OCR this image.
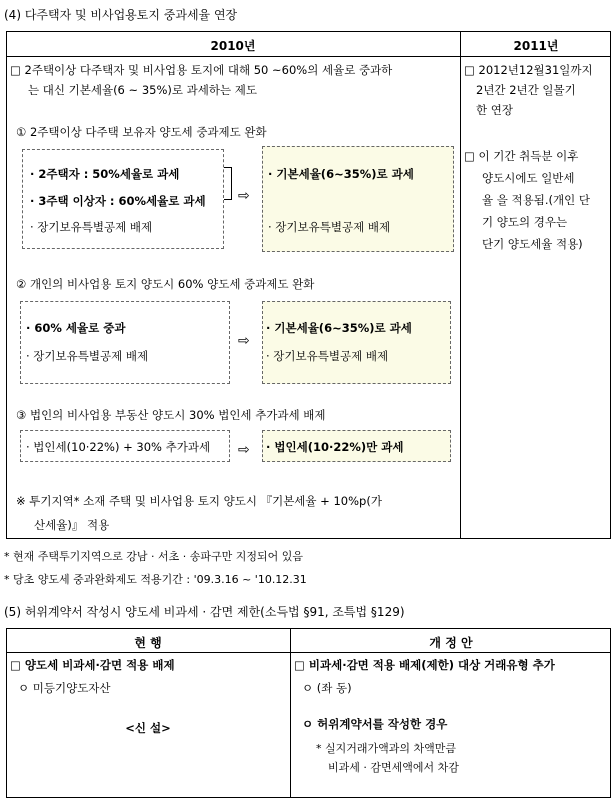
(4) 다주택자 및 비사업용토지 중과세율 연장
2010년	2011년
□ 2주택이상 다주택자 및 비사업용 토지에 대해 50 ~60%의 세율로 중과하
는 대신 기본세율(6 ~ 35%)로 과세하는 제도
① 2주택이상 다주택 보유자 양도세 중과제도 완화
· 2주택자 : 50%세율로 과세
· 3주택 이상자 : 60%세율로 과세
· 장기보유특별공제 배제
⇨
· 기본세율(6~35%)로 과세
· 장기보유특별공제 배제
② 개인의 비사업용 토지 양도시 60% 양도세 중과제도 완화
· 60% 세율로 중과
· 장기보유특별공제 배제
⇨
· 기본세율(6~35%)로 과세
· 장기보유특별공제 배제
③ 법인의 비사업용 부동산 양도시 30% 법인세 추가과세 배제
· 법인세(10·22%) + 30% 추가과세 ⇨ · 법인세(10·22%)만 과세
※ 투기지역* 소재 주택 및 비사업용 토지 양도시 『기본세율 + 10%p(가
산세율)』 적용
□ 2012년12월31일까지
2년간 2년간 일몰기
한 연장
□ 이 기간 취득분 이후
양도시에도 일반세
율 을 적용됨.(개인 단
기 양도의 경우는
단기 양도세율 적용)
* 현재 주택투기지역으로 강남 · 서초 · 송파구만 지정되어 있음
* 당초 양도세 중과완화제도 적용기간 : '09.3.16 ~ '10.12.31
(5) 허위계약서 작성시 양도세 비과세 · 감면 제한(소득법 §91, 조특법 §129)
현 행	개 정 안
□ 양도세 비과세·감면 적용 배제
ㅇ 미등기양도자산
<신 설>
□ 비과세·감면 적용 배제(제한) 대상 거래유형 추가
ㅇ (좌 동)
ㅇ 허위계약서를 작성한 경우
* 실지거래가액과의 차액만큼
비과세 · 감면세액에서 차감
